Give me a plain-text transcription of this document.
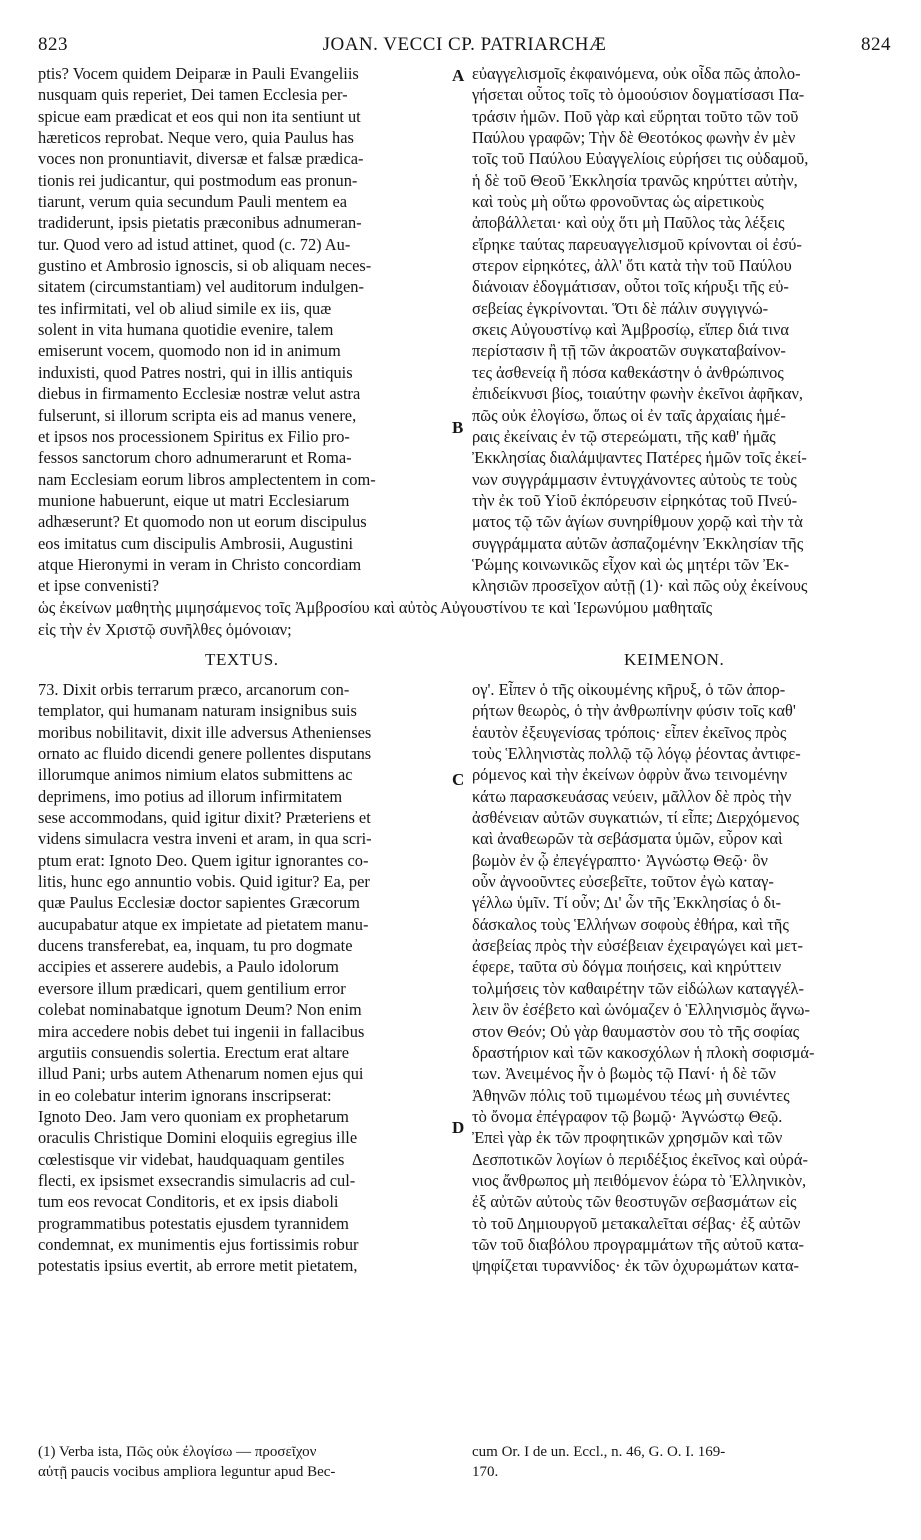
823	JOAN. VECCI CP. PATRIARCHÆ	824
ptis? Vocem quidem Deiparæ in Pauli Evangeliis
nusquam quis reperiet, Dei tamen Ecclesia per-
spicue eam prædicat et eos qui non ita sentiunt ut
hæreticos reprobat. Neque vero, quia Paulus has
voces non pronuntiavit, diversæ et falsæ prædica-
tionis rei judicantur, qui postmodum eas pronun-
tiarunt, verum quia secundum Pauli mentem ea
tradiderunt, ipsis pietatis præconibus adnumeran-
tur. Quod vero ad istud attinet, quod (c. 72) Au-
gustino et Ambrosio ignoscis, si ob aliquam neces-
sitatem (circumstantiam) vel auditorum indulgen-
tes infirmitati, vel ob aliud simile ex iis, quæ
solent in vita humana quotidie evenire, talem
emiserunt vocem, quomodo non id in animum
induxisti, quod Patres nostri, qui in illis antiquis
diebus in firmamento Ecclesiæ nostræ velut astra
fulserunt, si illorum scripta eis ad manus venere,
et ipsos nos processionem Spiritus ex Filio pro-
fessos sanctorum choro adnumerarunt et Roma-
nam Ecclesiam eorum libros amplectentem in com-
munione habuerunt, eique ut matri Ecclesiarum
adhæserunt? Et quomodo non ut eorum discipulus
eos imitatus cum discipulis Ambrosii, Augustini
atque Hieronymi in veram in Christo concordiam
et ipse convenisti?
εὐαγγελισμοῖς ἐκφαινόμενα, οὐκ οἶδα πῶς ἀπολο-
γήσεται οὗτος τοῖς τὸ ὁμοούσιον δογματίσασι Πα-
τράσιν ἡμῶν. Ποῦ γὰρ καὶ εὕρηται τοῦτο τῶν τοῦ
Παύλου γραφῶν; Τὴν δὲ Θεοτόκος φωνὴν ἐν μὲν
τοῖς τοῦ Παύλου Εὐαγγελίοις εὑρήσει τις οὐδαμοῦ,
ἡ δὲ τοῦ Θεοῦ Ἐκκλησία τρανῶς κηρύττει αὐτὴν,
καὶ τοὺς μὴ οὕτω φρονοῦντας ὡς αἱρετικοὺς
ἀποβάλλεται· καὶ οὐχ ὅτι μὴ Παῦλος τὰς λέξεις
εἴρηκε ταύτας παρευαγγελισμοῦ κρίνονται οἱ ἐσύ-
στερον εἰρηκότες, ἀλλ' ὅτι κατὰ τὴν τοῦ Παύλου
διάνοιαν ἐδογμάτισαν, οὗτοι τοῖς κήρυξι τῆς εὐ-
σεβείας ἐγκρίνονται. Ὅτι δὲ πάλιν συγγιγνώ-
σκεις Αὐγουστίνῳ καὶ Ἀμβροσίῳ, εἴπερ διά τινα
περίστασιν ἢ τῇ τῶν ἀκροατῶν συγκαταβαίνον-
τες ἀσθενείᾳ ἢ πόσα καθεκάστην ὁ ἀνθρώπινος
ἐπιδείκνυσι βίος, τοιαύτην φωνὴν ἐκεῖνοι ἀφῆκαν,
πῶς οὐκ ἐλογίσω, ὅπως οἱ ἐν ταῖς ἀρχαίαις ἡμέ-
ραις ἐκείναις ἐν τῷ στερεώματι, τῆς καθ' ἡμᾶς
Ἐκκλησίας διαλάμψαντες Πατέρες ἡμῶν τοῖς ἐκεί-
νων συγγράμμασιν ἐντυγχάνοντες αὐτοὺς τε τοὺς
τὴν ἐκ τοῦ Υἱοῦ ἐκπόρευσιν εἰρηκότας τοῦ Πνεύ-
ματος τῷ τῶν ἁγίων συνηρίθμουν χορῷ καὶ τὴν τὰ
συγγράμματα αὐτῶν ἀσπαζομένην Ἐκκλησίαν τῆς
Ῥώμης κοινωνικῶς εἶχον καὶ ὡς μητέρι τῶν Ἐκ-
κλησιῶν προσεῖχον αὐτῇ (1)· καὶ πῶς οὐχ ἐκείνους
A
B
C
D
ὡς ἐκείνων μαθητὴς μιμησάμενος τοῖς Ἀμβροσίου καὶ αὐτὸς Αὐγουστίνου τε καὶ Ἱερωνύμου μαθηταῖς
εἰς τὴν ἐν Χριστῷ συνῆλθες ὁμόνοιαν;
TEXTUS.	KEIMENON.
73. Dixit orbis terrarum præco, arcanorum con-
templator, qui humanam naturam insignibus suis
moribus nobilitavit, dixit ille adversus Athenienses
ornato ac fluido dicendi genere pollentes disputans
illorumque animos nimium elatos submittens ac
deprimens, imo potius ad illorum infirmitatem
sese accommodans, quid igitur dixit? Præteriens et
videns simulacra vestra inveni et aram, in qua scri-
ptum erat: Ignoto Deo. Quem igitur ignorantes co-
litis, hunc ego annuntio vobis. Quid igitur? Ea, per
quæ Paulus Ecclesiæ doctor sapientes Græcorum
aucupabatur atque ex impietate ad pietatem manu-
ducens transferebat, ea, inquam, tu pro dogmate
accipies et asserere audebis, a Paulo idolorum
eversore illum prædicari, quem gentilium error
colebat nominabatque ignotum Deum? Non enim
mira accedere nobis debet tui ingenii in fallacibus
argutiis consuendis solertia. Erectum erat altare
illud Pani; urbs autem Athenarum nomen ejus qui
in eo colebatur interim ignorans inscripserat:
Ignoto Deo. Jam vero quoniam ex prophetarum
oraculis Christique Domini eloquiis egregius ille
cœlestisque vir videbat, haudquaquam gentiles
flecti, ex ipsismet exsecrandis simulacris ad cul-
tum eos revocat Conditoris, et ex ipsis diaboli
programmatibus potestatis ejusdem tyrannidem
condemnat, ex munimentis ejus fortissimis robur
potestatis ipsius evertit, ab errore metit pietatem,
ογ'. Εἶπεν ὁ τῆς οἰκουμένης κῆρυξ, ὁ τῶν ἀπορ-
ρήτων θεωρὸς, ὁ τὴν ἀνθρωπίνην φύσιν τοῖς καθ'
ἑαυτὸν ἐξευγενίσας τρόποις· εἶπεν ἐκεῖνος πρὸς
τοὺς Ἑλληνιστὰς πολλῷ τῷ λόγῳ ῥέοντας ἀντιφε-
ρόμενος καὶ τὴν ἐκείνων ὀφρὺν ἄνω τεινομένην
κάτω παρασκευάσας νεύειν, μᾶλλον δὲ πρὸς τὴν
ἀσθένειαν αὐτῶν συγκατιών, τί εἶπε; Διερχόμενος
καὶ ἀναθεωρῶν τὰ σεβάσματα ὑμῶν, εὗρον καὶ
βωμὸν ἐν ᾧ ἐπεγέγραπτο· Ἀγνώστῳ Θεῷ· ὃν
οὖν ἀγνοοῦντες εὐσεβεῖτε, τοῦτον ἐγὼ καταγ-
γέλλω ὑμῖν. Τί οὖν; Δι' ὧν τῆς Ἐκκλησίας ὁ δι-
δάσκαλος τοὺς Ἑλλήνων σοφοὺς ἐθήρα, καὶ τῆς
ἀσεβείας πρὸς τὴν εὐσέβειαν ἐχειραγώγει καὶ μετ-
έφερε, ταῦτα σὺ δόγμα ποιήσεις, καὶ κηρύττειν
τολμήσεις τὸν καθαιρέτην τῶν εἰδώλων καταγγέλ-
λειν ὃν ἐσέβετο καὶ ὠνόμαζεν ὁ Ἑλληνισμὸς ἄγνω-
στον Θεόν; Οὐ γὰρ θαυμαστὸν σου τὸ τῆς σοφίας
δραστήριον καὶ τῶν κακοσχόλων ἡ πλοκὴ σοφισμά-
των. Ἀνειμένος ἦν ὁ βωμὸς τῷ Πανί· ἡ δὲ τῶν
Ἀθηνῶν πόλις τοῦ τιμωμένου τέως μὴ συνιέντες
τὸ ὄνομα ἐπέγραφον τῷ βωμῷ· Ἀγνώστῳ Θεῷ.
Ἐπεὶ γὰρ ἐκ τῶν προφητικῶν χρησμῶν καὶ τῶν
Δεσποτικῶν λογίων ὁ περιδέξιος ἐκεῖνος καὶ οὐρά-
νιος ἄνθρωπος μὴ πειθόμενον ἑώρα τὸ Ἑλληνικὸν,
ἐξ αὐτῶν αὐτοὺς τῶν θεοστυγῶν σεβασμάτων εἰς
τὸ τοῦ Δημιουργοῦ μετακαλεῖται σέβας· ἐξ αὐτῶν
τῶν τοῦ διαβόλου προγραμμάτων τῆς αὐτοῦ κατα-
ψηφίζεται τυραννίδος· ἐκ τῶν ὀχυρωμάτων κατα-
(1) Verba ista, Πῶς οὐκ ἐλογίσω — προσεῖχον
αὐτῇ paucis vocibus ampliora leguntur apud Bec-
cum Or. I de un. Eccl., n. 46, G. O. I. 169-
170.
